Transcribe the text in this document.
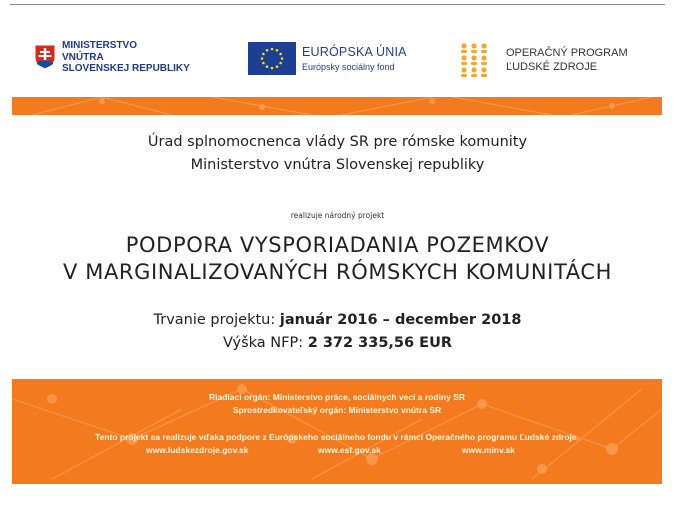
MINISTERSTVO
VNÚTRA
SLOVENSKEJ REPUBLIKY
EURÓPSKA ÚNIA
Európsky sociálny fond
OPERAČNÝ PROGRAM
ĽUDSKÉ ZDROJE
Úrad splnomocnenca vlády SR pre rómske komunity
Ministerstvo vnútra Slovenskej republiky
realizuje národný projekt
PODPORA VYSPORIADANIA POZEMKOV
V MARGINALIZOVANÝCH RÓMSKYCH KOMUNITÁCH
Trvanie projektu: január 2016 – december 2018
Výška NFP: 2 372 335,56 EUR
Riadiaci orgán: Ministerstvo práce, sociálnych vecí a rodiny SR
Sprostredkovateľský orgán: Ministerstvo vnútra SR
Tento projekt sa realizuje vďaka podpore z Európskeho sociálneho fondu v rámci Operačného programu Ľudské zdroje.
www.ludskezdroje.gov.sk	www.esf.gov.sk	www.minv.sk
